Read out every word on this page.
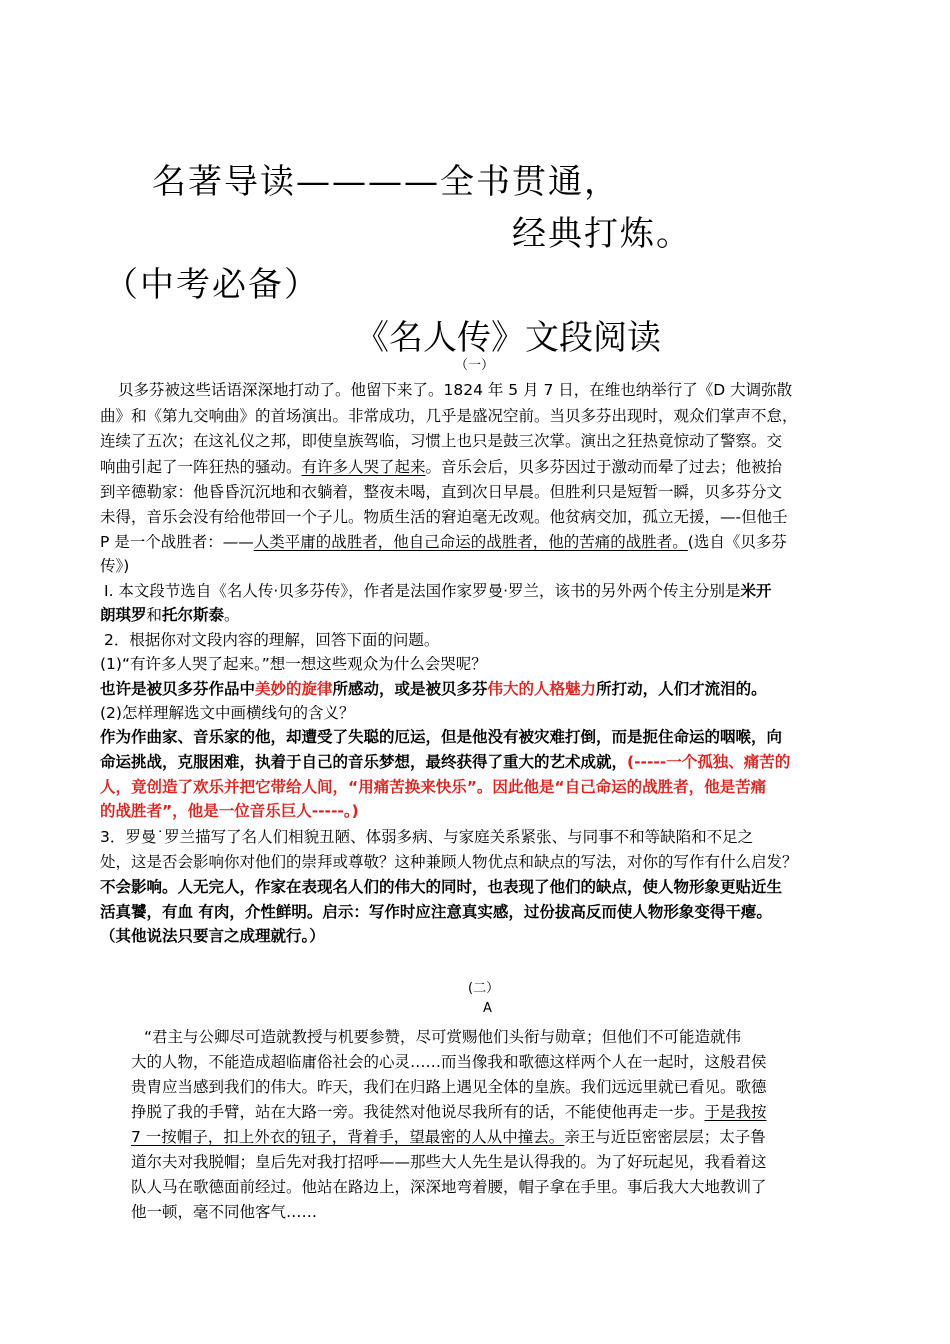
名著导读————全书贯通，
经典打炼。
（中考必备）
《名人传》文段阅读
（一）
贝多芬被这些话语深深地打动了。他留下来了。1824 年 5 月 7 日，在维也纳举行了《D 大调弥散
曲》和《第九交响曲》的首场演出。非常成功，几乎是盛况空前。当贝多芬出现时，观众们掌声不怠，
连续了五次；在这礼仪之邦，即使皇族驾临，习惯上也只是鼓三次掌。演出之狂热竟惊动了警察。交
响曲引起了一阵狂热的骚动。有许多人哭了起来。音乐会后，贝多芬因过于激动而晕了过去；他被抬
到辛德勒家：他昏昏沉沉地和衣躺着，整夜未喝，直到次日早晨。但胜利只是短暂一瞬，贝多芬分文
未得，音乐会没有给他带回一个子儿。物质生活的窘迫毫无改观。他贫病交加，孤立无援，—-但他壬
P 是一个战胜者：——人类平庸的战胜者，他自己命运的战胜者，他的苦痛的战胜者。(选自《贝多芬
传》)
I. 本文段节选自《名人传·贝多芬传》，作者是法国作家罗曼·罗兰，该书的另外两个传主分别是米开
朗琪罗和托尔斯泰。
2．根据你对文段内容的理解，回答下面的问题。
(1)“有许多人哭了起来。”想一想这些观众为什么会哭呢？
也许是被贝多芬作品中美妙的旋律所感动，或是被贝多芬伟大的人格魅力所打动，人们才流泪的。
(2)怎样理解选文中画横线句的含义？
作为作曲家、音乐家的他，却遭受了失聪的厄运，但是他没有被灾难打倒，而是扼住命运的咽喉，向
命运挑战，克服困难，执着于自己的音乐梦想，最终获得了重大的艺术成就，(-----一个孤独、痛苦的
人，竟创造了欢乐并把它带给人间，“用痛苦换来快乐”。因此他是“自己命运的战胜者，他是苦痛
的战胜者”，他是一位音乐巨人-----。)
3．罗曼˙罗兰描写了名人们相貌丑陋、体弱多病、与家庭关系紧张、与同事不和等缺陷和不足之
处，这是否会影响你对他们的崇拜或尊敬？这种兼顾人物优点和缺点的写法，对你的写作有什么启发？
不会影响。人无完人，作家在表现名人们的伟大的同时，也表现了他们的缺点，使人物形象更贴近生
活真饕，有血 有肉，介性鲜明。启示：写作时应注意真实感，过份拔高反而使人物形象变得干瘪。
（其他说法只要言之成理就行。）
(二）
A
“君主与公卿尽可造就教授与机要参赞，尽可赏赐他们头衔与勋章；但他们不可能造就伟
大的人物，不能造成超临庸俗社会的心灵……而当像我和歌德这样两个人在一起时，这般君侯
贵胄应当感到我们的伟大。昨天，我们在归路上遇见全体的皇族。我们远远里就已看见。歌德
挣脱了我的手臂，站在大路一旁。我徒然对他说尽我所有的话，不能使他再走一步。于是我按
7 一按帽子，扣上外衣的钮子，背着手，望最密的人从中撞去。亲王与近臣密密层层；太子鲁
道尔夫对我脱帽；皇后先对我打招呼——那些大人先生是认得我的。为了好玩起见，我看着这
队人马在歌德面前经过。他站在路边上，深深地弯着腰，帽子拿在手里。事后我大大地教训了
他一顿，毫不同他客气……
